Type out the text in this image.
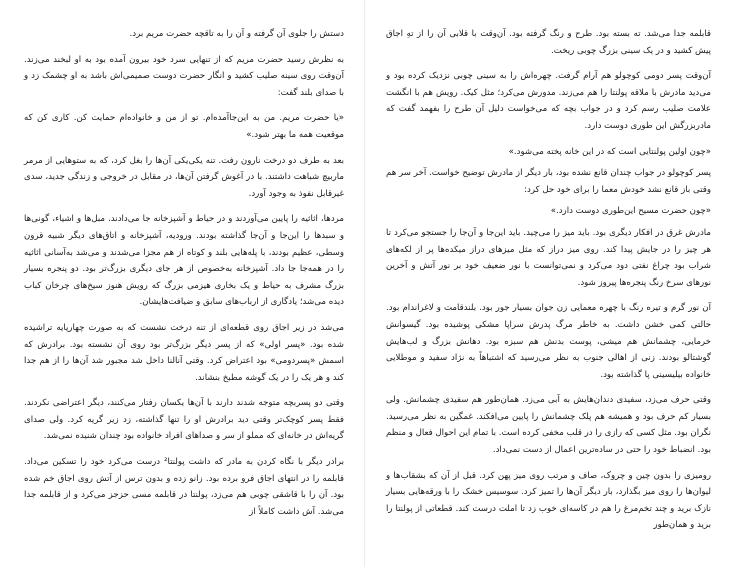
دستش را جلوی آن گرفته و آن را به تاقچه حضرت مریم برد.

به نظرش رسید حضرت مریم که از تنهایی سرد خود بیرون آمده بود به او لبخند می‌زند. آن‌وقت روی سینه صلیب کشید و انگار حضرت دوست صمیمی‌اش باشد به او چشمک زد و با صدای بلند گفت:

«یا حضرت مریم. من به این‌جاآمده‌ام. تو از من و خانواده‌ام حمایت کن. کاری کن که موقعیت همه ما بهتر شود.»

بعد به طرف دو درخت نارون رفت. تنه یکی‌یکی آن‌ها را بغل کرد، که به ستوهایی از مرمر ماربیچ شباهت داشتند. با در آغوش گرفتن آن‌ها، در مقابل در خروجی و زندگی جدید، سدی غیرقابل نفوذ به وجود آورد.

مردها، اثاثیه را پایین می‌آوردند و در حیاط و آشپزخانه جا می‌دادند. مبل‌ها و اشیاء، گونی‌ها و سبدها را این‌جا و آن‌جا گذاشته بودند. ورودیه، آشپزخانه و اتاق‌های دیگر شبیه قرون وسطی، عظیم بودند، با پله‌هایی بلند و کوتاه از هم مجزا می‌شدند و می‌شد به‌آسانی اثاثیه را در همه‌جا جا داد. آشپزخانه به‌خصوص از هر جای دیگری بزرگ‌تر بود. دو پنجره بسیار بزرگ مشرف به حیاط و یک بخاری هیزمی بزرگ که رویش هنوز سیخ‌های چرخان کباب دیده می‌شد؛ یادگاری از ارباب‌های سابق و ضیافت‌هایشان.

می‌شد در زیر اجاق روی قطعه‌ای از تنه درخت نشست که به صورت چهارپایه تراشیده شده بود. «پسر اولی» که از پسر دیگر بزرگ‌تر بود روی آن نشسته بود. برادرش که اسمش «پسردومی» بود اعتراض کرد. وقتی آنالنا داخل شد مجبور شد آن‌ها را از هم جدا کند و هر یک را در یک گوشه مطبخ بنشاند.

وقتی دو پسربچه متوجه شدند دارند با آن‌ها یکسان رفتار می‌کنند، دیگر اعتراضی نکردند. فقط پسر کوچک‌تر وقتی دید برادرش او را تنها گذاشته، زد زیر گریه کرد. ولی صدای گریه‌اش در خانه‌ای که مملو از سر و صداهای افراد خانواده بود چندان شنیده نمی‌شد.

برادر دیگر با نگاه کردن به مادر که داشت پولنتا² درست می‌کرد خود را تسکین می‌داد. قابلمه را در انتهای اجاق فرو برده بود. زانو زده و بدون ترس از آتش روی اجاق خم شده بود. آن را با قاشقی چوبی هم می‌زد، پولنتا در قابلمه مسی حزجز می‌کرد و از قابلمه جدا می‌شد. آش داشت کاملاً از

قابلمه جدا می‌شد. ته بسته بود. طرح و رنگ گرفته بود. آن‌وقت با قلابی آن را از تهِ اجاق پیش کشید و در یک سینی بزرگ چوبی ریخت.

آن‌وقت پسر دومی کوچولو هم آرام گرفت. چهره‌اش را به سینی چوبی نزدیک کرده بود و می‌دید مادرش با ملاقه پولنتا را هم می‌زند. مدورش می‌کرد؛ مثل کیک. رویش هم با انگشت علامت صلیب رسم کرد و در جواب بچه که می‌خواست دلیل آن طرح را بفهمد گفت که مادربزرگش این طوری دوست دارد.

«چون اولین پولنتایی است که در این خانه پخته می‌شود.»

پسر کوچولو در جواب چندان قانع نشده بود، بار دیگر از مادرش توضیح خواست. آخر سر هم وقتی باز قانع نشد خودش معما را برای خود حل کرد:

«چون حضرت مسیح این‌طوری دوست دارد.»

مادرش غرق در افکار دیگری بود. باید میز را می‌چید. باید این‌جا و آن‌جا را جستجو می‌کرد تا هر چیز را در جایش پیدا کند. روی میز دراز که مثل میزهای دراز میکده‌ها پر از لکه‌های شراب بود چراغ نفتی دود می‌کرد و نمی‌توانست با نور ضعیف خود بر نور آتش و آخرین نورهای سرخ رنگ پنجره‌ها پیروز شود.

آن نور گرم و تیره رنگ با چهره معمایی زن جوان بسیار جور بود. بلندقامت و لاغراندام بود. حالتی کمی خشن داشت. به خاطر مرگ پدرش سراپا مشکی پوشیده بود. گیسوانش خرمایی، چشمانش هم میشی، پوست بدنش هم سبزه بود. دهانش بزرگ و لب‌هایش گوشتالو بودند. زنی از اهالی جنوب به نظر می‌رسید که اشتباهاً به نژاد سفید و موطلایی خانواده بیلیسینی پا گذاشته بود.

وقتی حرف می‌زد، سفیدی دندان‌هایش به آبی می‌زد. همان‌طور هم سفیدی چشمانش. ولی بسیار کم حرف بود و همیشه هم پلک چشمانش را پایین می‌افکند. غمگین به نظر می‌رسید. نگران بود. مثل کسی که رازی را در قلب مخفی کرده است. با تمام این احوال فعال و منظم بود. انضباط خود را حتی در ساده‌ترین اعمال از دست نمی‌داد.

رومیزی را بدون چین و چروک، صاف و مرتب روی میز پهن کرد. قبل از آن که بشقاب‌ها و لیوان‌ها را روی میز بگذارد، بار دیگر آن‌ها را تمیز کرد. سوسیس خشک را با ورقه‌هایی بسیار نازک برید و چند تخم‌مرغ را هم در کاسه‌ای خوب زد تا املت درست کند. قطعاتی از پولنتا را برید و همان‌طور
